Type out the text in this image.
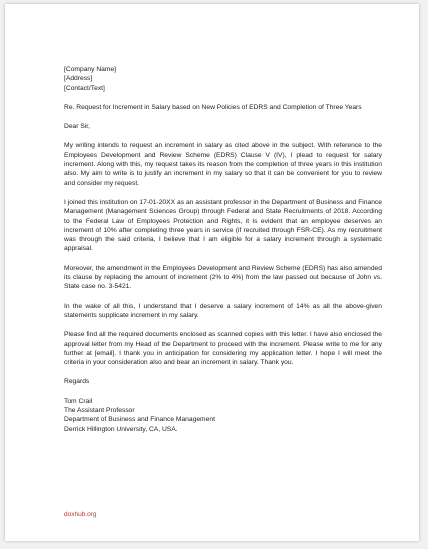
[Company Name]
[Address]
[Contact/Text]

Re. Request for Increment in Salary based on New Policies of EDRS and Completion of Three Years

Dear Sir,

My writing intends to request an increment in salary as cited above in the subject. With reference to the Employees Development and Review Scheme (EDRS) Clause V (IV), I plead to request for salary increment. Along with this, my request takes its reason from the completion of three years in this institution also. My aim to write is to justify an increment in my salary so that it can be convenient for you to review and consider my request.

I joined this institution on 17-01-20XX as an assistant professor in the Department of Business and Finance Management (Management Sciences Group) through Federal and State Recruitments of 2018. According to the Federal Law of Employees Protection and Rights, it is evident that an employee deserves an increment of 10% after completing three years in service (if recruited through FSR-CE). As my recruitment was through the said criteria, I believe that I am eligible for a salary increment through a systematic appraisal.

Moreover, the amendment in the Employees Development and Review Scheme (EDRS) has also amended its clause by replacing the amount of increment (2% to 4%) from the law passed out because of John vs. State case no. 3-5421.

In the wake of all this, I understand that I deserve a salary increment of 14% as all the above-given statements supplicate increment in my salary.

Please find all the required documents enclosed as scanned copies with this letter. I have also enclosed the approval letter from my Head of the Department to proceed with the increment. Please write to me for any further at [email]. I thank you in anticipation for considering my application letter. I hope I will meet the criteria in your consideration also and bear an increment in salary. Thank you.

Regards

Tom Crail
The Assistant Professor
Department of Business and Finance Management
Derrick Hillington University, CA, USA.

doxhub.org
